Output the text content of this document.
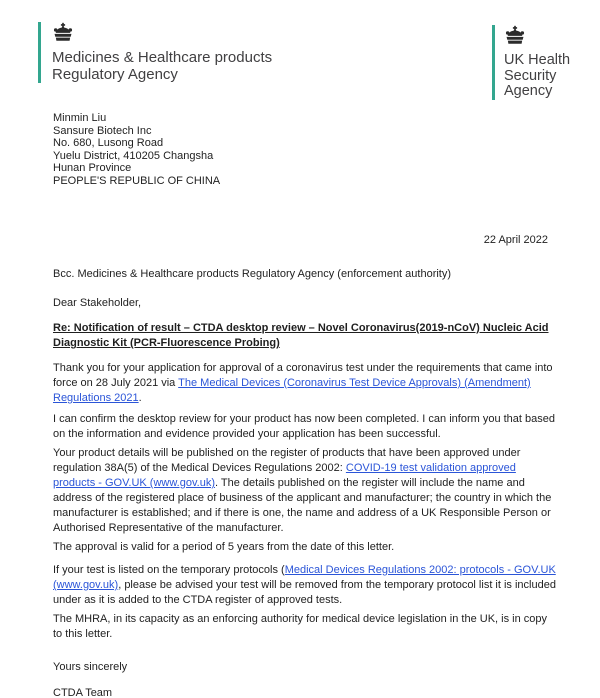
Medicines & Healthcare products
Regulatory Agency
UK Health
Security
Agency
Minmin Liu
Sansure Biotech Inc
No. 680, Lusong Road
Yuelu District, 410205 Changsha
Hunan Province
PEOPLE'S REPUBLIC OF CHINA
22 April 2022
Bcc. Medicines & Healthcare products Regulatory Agency (enforcement authority)
Dear Stakeholder,
Re: Notification of result – CTDA desktop review – Novel Coronavirus(2019-nCoV) Nucleic Acid Diagnostic Kit (PCR-Fluorescence Probing)
Thank you for your application for approval of a coronavirus test under the requirements that came into force on 28 July 2021 via The Medical Devices (Coronavirus Test Device Approvals) (Amendment) Regulations 2021.
I can confirm the desktop review for your product has now been completed. I can inform you that based on the information and evidence provided your application has been successful.
Your product details will be published on the register of products that have been approved under regulation 38A(5) of the Medical Devices Regulations 2002: COVID-19 test validation approved products - GOV.UK (www.gov.uk). The details published on the register will include the name and address of the registered place of business of the applicant and manufacturer; the country in which the manufacturer is established; and if there is one, the name and address of a UK Responsible Person or Authorised Representative of the manufacturer.
The approval is valid for a period of 5 years from the date of this letter.
If your test is listed on the temporary protocols (Medical Devices Regulations 2002: protocols - GOV.UK (www.gov.uk), please be advised your test will be removed from the temporary protocol list it is included under as it is added to the CTDA register of approved tests.
The MHRA, in its capacity as an enforcing authority for medical device legislation in the UK, is in copy to this letter.
Yours sincerely
CTDA Team
